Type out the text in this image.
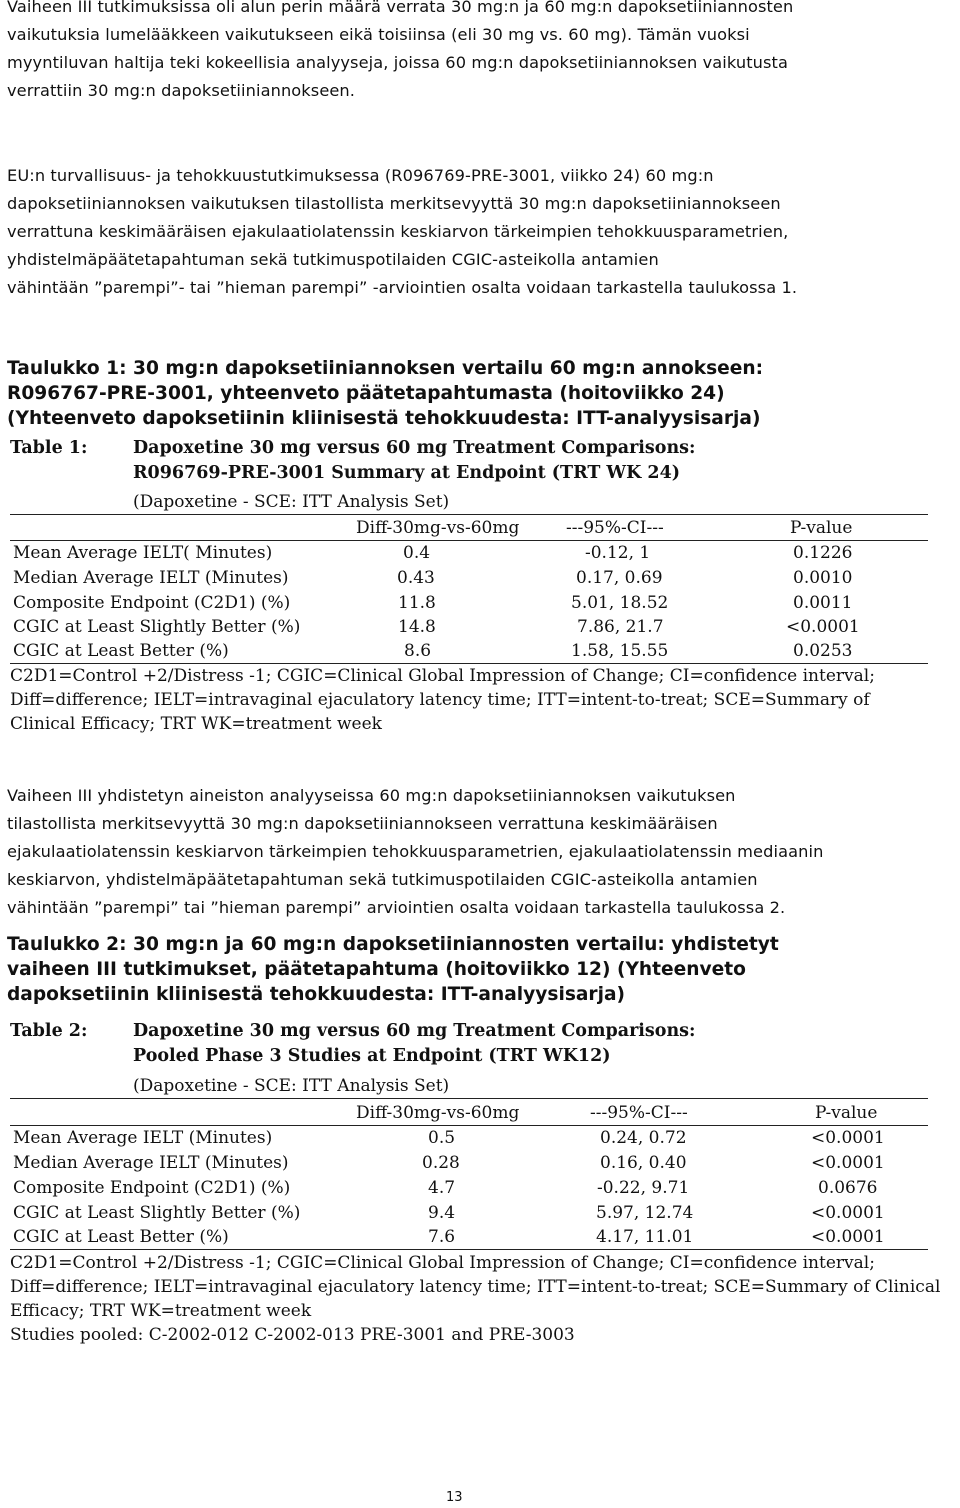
Vaiheen III tutkimuksissa oli alun perin määrä verrata 30 mg:n ja 60 mg:n dapoksetiiniannosten
vaikutuksia lumelääkkeen vaikutukseen eikä toisiinsa (eli 30 mg vs. 60 mg). Tämän vuoksi
myyntiluvan haltija teki kokeellisia analyyseja, joissa 60 mg:n dapoksetiiniannoksen vaikutusta
verrattiin 30 mg:n dapoksetiiniannokseen.
EU:n turvallisuus- ja tehokkuustutkimuksessa (R096769-PRE-3001, viikko 24) 60 mg:n
dapoksetiiniannoksen vaikutuksen tilastollista merkitsevyyttä 30 mg:n dapoksetiiniannokseen
verrattuna keskimääräisen ejakulaatiolatenssin keskiarvon tärkeimpien tehokkuusparametrien,
yhdistelmäpäätetapahtuman sekä tutkimuspotilaiden CGIC-asteikolla antamien
vähintään ”parempi”- tai ”hieman parempi” -arviointien osalta voidaan tarkastella taulukossa 1.
Taulukko 1: 30 mg:n dapoksetiiniannoksen vertailu 60 mg:n annokseen:
R096767-PRE-3001, yhteenveto päätetapahtumasta (hoitoviikko 24)
(Yhteenveto dapoksetiinin kliinisestä tehokkuudesta: ITT-analyysisarja)
Table 1:	Dapoxetine 30 mg versus 60 mg Treatment Comparisons:
R096769-PRE-3001 Summary at Endpoint (TRT WK 24)
(Dapoxetine - SCE: ITT Analysis Set)
Diff-30mg-vs-60mg	---95%-CI---	P-value
Mean Average IELT( Minutes)	0.4	-0.12, 1	0.1226
Median Average IELT (Minutes)	0.43	0.17, 0.69	0.0010
Composite Endpoint (C2D1) (%)	11.8	5.01, 18.52	0.0011
CGIC at Least Slightly Better (%)	14.8	7.86, 21.7	<0.0001
CGIC at Least Better (%)	8.6	1.58, 15.55	0.0253
C2D1=Control +2/Distress -1; CGIC=Clinical Global Impression of Change; CI=confidence interval;
Diff=difference; IELT=intravaginal ejaculatory latency time; ITT=intent-to-treat; SCE=Summary of
Clinical Efficacy; TRT WK=treatment week
Vaiheen III yhdistetyn aineiston analyyseissa 60 mg:n dapoksetiiniannoksen vaikutuksen
tilastollista merkitsevyyttä 30 mg:n dapoksetiiniannokseen verrattuna keskimääräisen
ejakulaatiolatenssin keskiarvon tärkeimpien tehokkuusparametrien, ejakulaatiolatenssin mediaanin
keskiarvon, yhdistelmäpäätetapahtuman sekä tutkimuspotilaiden CGIC-asteikolla antamien
vähintään ”parempi” tai ”hieman parempi” arviointien osalta voidaan tarkastella taulukossa 2.
Taulukko 2: 30 mg:n ja 60 mg:n dapoksetiiniannosten vertailu: yhdistetyt
vaiheen III tutkimukset, päätetapahtuma (hoitoviikko 12) (Yhteenveto
dapoksetiinin kliinisestä tehokkuudesta: ITT-analyysisarja)
Table 2:	Dapoxetine 30 mg versus 60 mg Treatment Comparisons:
Pooled Phase 3 Studies at Endpoint (TRT WK12)
(Dapoxetine - SCE: ITT Analysis Set)
Diff-30mg-vs-60mg	---95%-CI---	P-value
Mean Average IELT (Minutes)	0.5	0.24, 0.72	<0.0001
Median Average IELT (Minutes)	0.28	0.16, 0.40	<0.0001
Composite Endpoint (C2D1) (%)	4.7	-0.22, 9.71	0.0676
CGIC at Least Slightly Better (%)	9.4	5.97, 12.74	<0.0001
CGIC at Least Better (%)	7.6	4.17, 11.01	<0.0001
C2D1=Control +2/Distress -1; CGIC=Clinical Global Impression of Change; CI=confidence interval;
Diff=difference; IELT=intravaginal ejaculatory latency time; ITT=intent-to-treat; SCE=Summary of Clinical
Efficacy; TRT WK=treatment week
Studies pooled: C-2002-012 C-2002-013 PRE-3001 and PRE-3003
13
